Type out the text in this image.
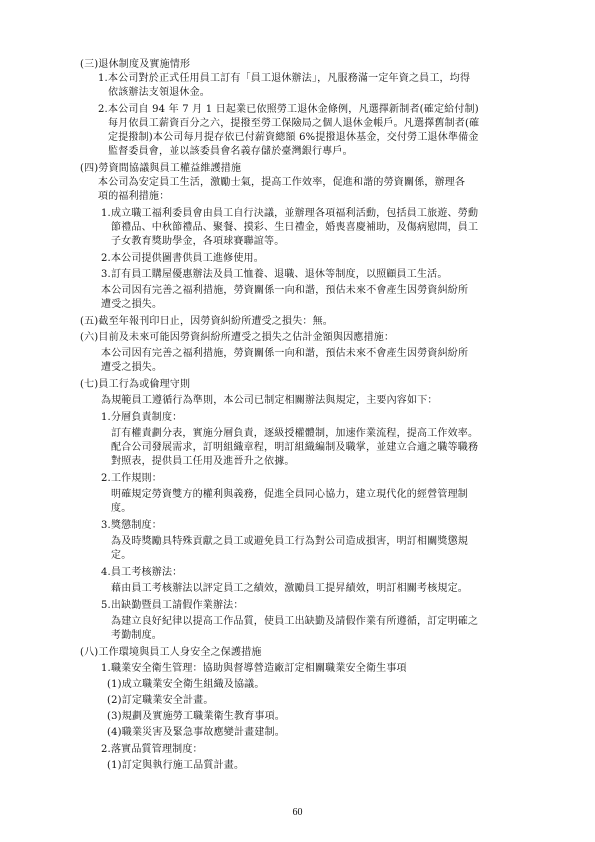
(三)退休制度及實施情形
1.本公司對於正式任用員工訂有「員工退休辦法」，凡服務滿一定年資之員工，均得
依該辦法支領退休金。
2.本公司自 94 年 7 月 1 日起業已依照勞工退休金條例，凡選擇新制者(確定給付制)
每月依員工薪資百分之六，提撥至勞工保險局之個人退休金帳戶。凡選擇舊制者(確
定提撥制)本公司每月提存依已付薪資總額 6%提撥退休基金，交付勞工退休準備金
監督委員會，並以該委員會名義存儲於臺灣銀行專戶。
(四)勞資間協議與員工權益維護措施
本公司為安定員工生活，激勵士氣，提高工作效率，促進和諧的勞資關係，辦理各
項的福利措施：
1.成立職工福利委員會由員工自行決議，並辦理各項福利活動，包括員工旅遊、勞動
節禮品、中秋節禮品、聚餐、摸彩、生日禮金，婚喪喜慶補助，及傷病慰問，員工
子女教育獎助學金，各項球賽聯誼等。
2.本公司提供圖書供員工進修使用。
3.訂有員工購屋優惠辦法及員工恤養、退職、退休等制度，以照顧員工生活。
本公司因有完善之福利措施，勞資關係一向和諧，預估未來不會產生因勞資糾紛所
遭受之損失。
(五)截至年報刊印日止，因勞資糾紛所遭受之損失：無。
(六)目前及未來可能因勞資糾紛所遭受之損失之估計金額與因應措施：
本公司因有完善之福利措施，勞資關係一向和諧，預估未來不會產生因勞資糾紛所
遭受之損失。
(七)員工行為或倫理守則
為規範員工遵循行為準則，本公司已制定相關辦法與規定，主要內容如下：
1.分層負責制度：
訂有權責劃分表，實施分層負責，逐級授權體制，加速作業流程，提高工作效率。
配合公司發展需求，訂明組織章程，明訂組織編制及職掌，並建立合適之職等職務
對照表，提供員工任用及進晉升之依據。
2.工作規則：
明確規定勞資雙方的權利與義務，促進全員同心協力，建立現代化的經營管理制
度。
3.獎懲制度：
為及時獎勵具特殊貢獻之員工或避免員工行為對公司造成損害，明訂相關獎懲規
定。
4.員工考核辦法：
藉由員工考核辦法以評定員工之績效，激勵員工提昇績效，明訂相關考核規定。
5.出缺勤暨員工請假作業辦法：
為建立良好紀律以提高工作品質，使員工出缺勤及請假作業有所遵循，訂定明確之
考勤制度。
(八)工作環境與員工人身安全之保護措施
1.職業安全衛生管理：協助與督導營造廠訂定相關職業安全衛生事項
(1)成立職業安全衛生組織及協議。
(2)訂定職業安全計畫。
(3)規劃及實施勞工職業衛生教育事項。
(4)職業災害及緊急事故應變計畫建制。
2.落實品質管理制度：
(1)訂定與執行施工品質計畫。
60
